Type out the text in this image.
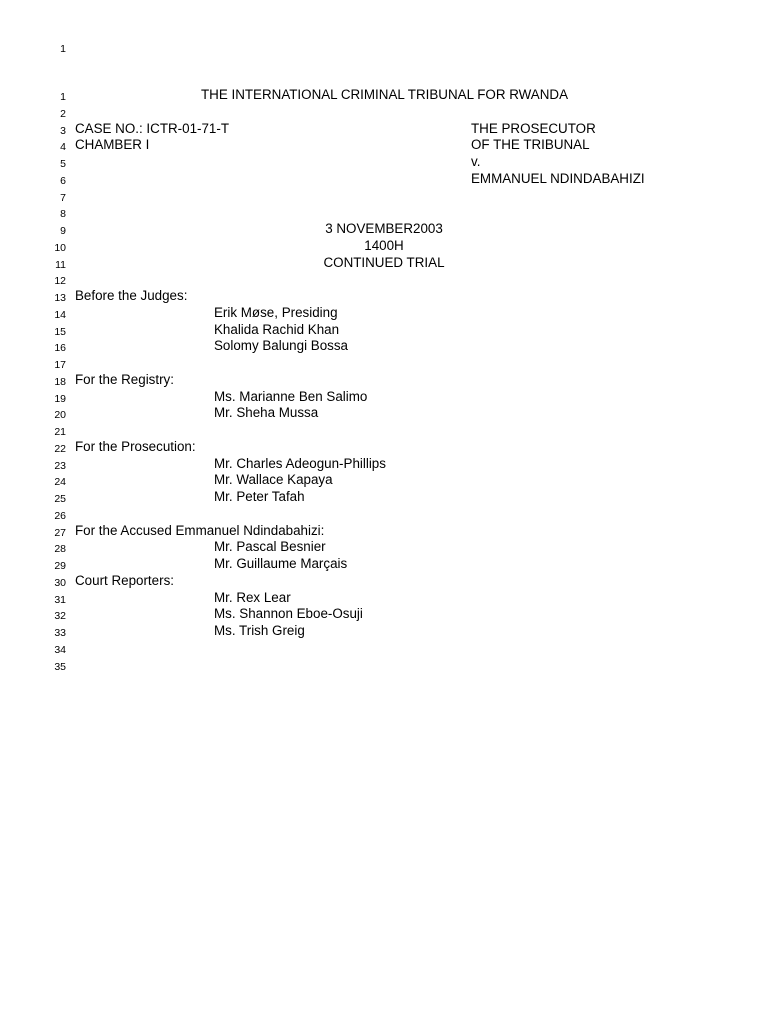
1
1	THE INTERNATIONAL CRIMINAL TRIBUNAL FOR RWANDA
2
3 CASE NO.: ICTR-01-71-T	THE PROSECUTOR
4 CHAMBER I	OF THE TRIBUNAL
5	v.
6	EMMANUEL NDINDABAHIZI
7
8
9	3 NOVEMBER2003
10	1400H
11	CONTINUED TRIAL
12
13 Before the Judges:
14	Erik Møse, Presiding
15	Khalida Rachid Khan
16	Solomy Balungi Bossa
17
18 For the Registry:
19	Ms. Marianne Ben Salimo
20	Mr. Sheha Mussa
21
22 For the Prosecution:
23	Mr. Charles Adeogun-Phillips
24	Mr. Wallace Kapaya
25	Mr. Peter Tafah
26
27 For the Accused Emmanuel Ndindabahizi:
28	Mr. Pascal Besnier
29	Mr. Guillaume Marçais
30 Court Reporters:
31	Mr. Rex Lear
32	Ms. Shannon Eboe-Osuji
33	Ms. Trish Greig
34
35
